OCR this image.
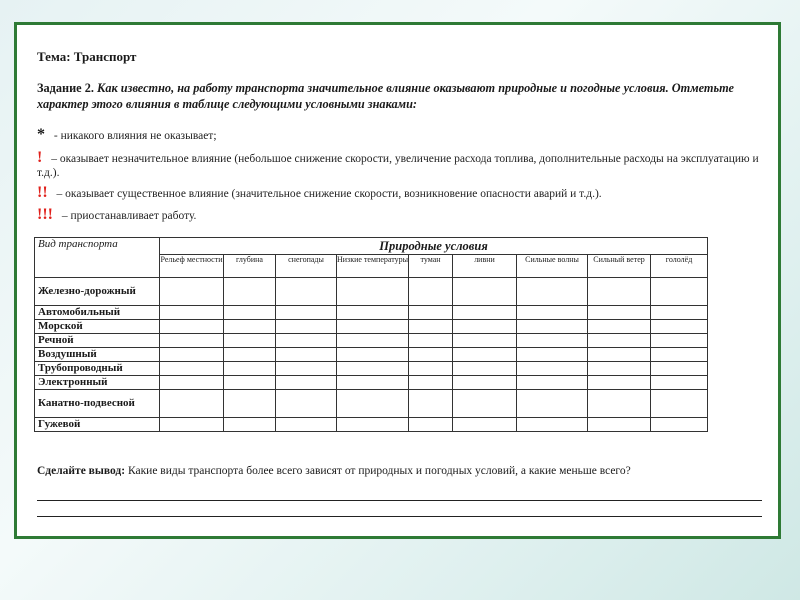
Тема: Транспорт
Задание 2. Как известно, на работу транспорта значительное влияние оказывают природные и погодные условия. Отметьте характер этого влияния в таблице следующими условными знаками:
* - никакого влияния не оказывает;
! – оказывает незначительное влияние (небольшое снижение скорости, увеличение расхода топлива, дополнительные расходы на эксплуатацию и т.д.).
!! – оказывает существенное влияние (значительное снижение скорости, возникновение опасности аварий и т.д.).
!!! – приостанавливает работу.
Вид транспорта	Природные условия								
	Рельеф местности	глубина	снегопады	Низкие температуры	туман	ливни	Сильные волны	Сильный ветер	гололёд
Железно-дорожный									
Автомобильный									
Морской									
Речной									
Воздушный									
Трубопроводный									
Электронный									
Канатно-подвесной									
Гужевой									
Сделайте вывод: Какие виды транспорта более всего зависят от природных и погодных условий, а какие меньше всего?
